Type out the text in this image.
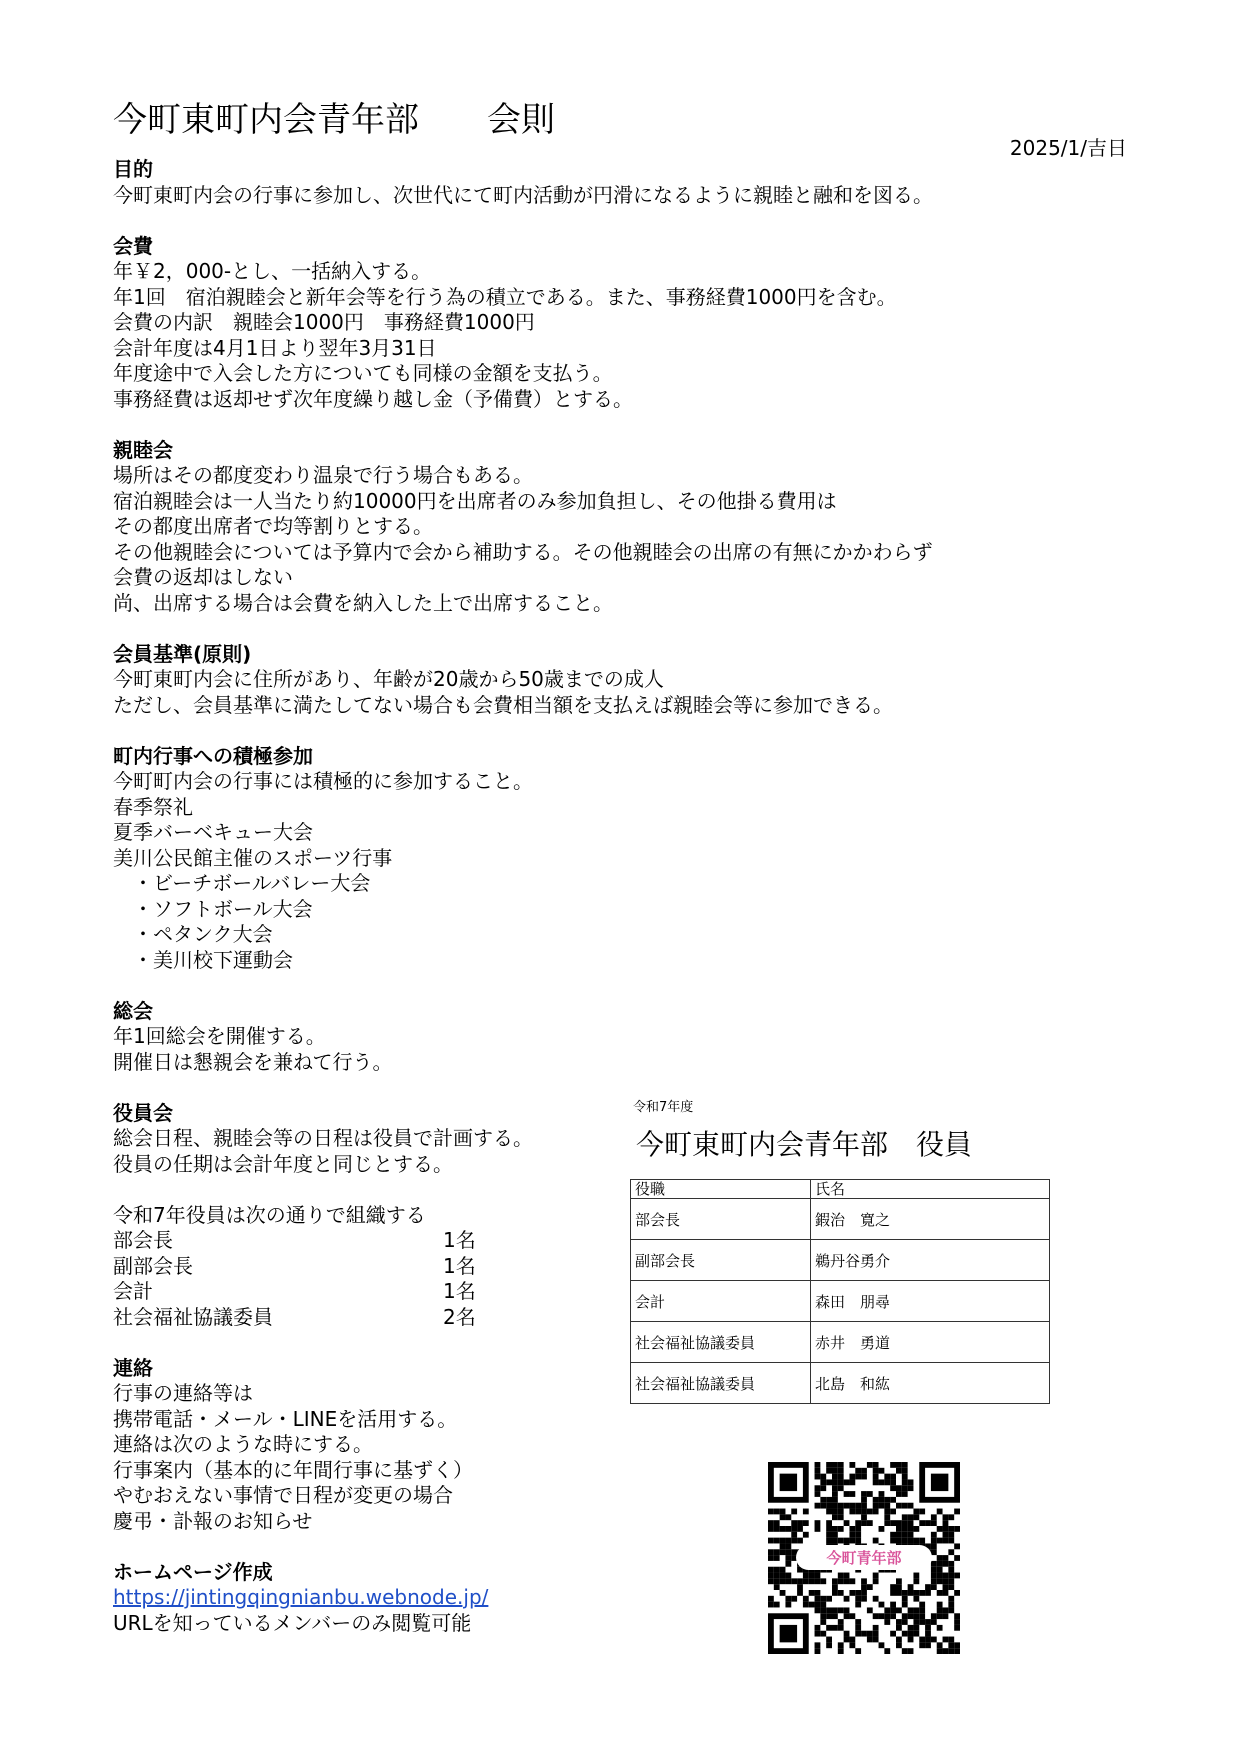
今町東町内会青年部　　会則
2025/1/吉日
目的
今町東町内会の行事に参加し、次世代にて町内活動が円滑になるように親睦と融和を図る。
会費
年￥2，000-とし、一括納入する。
年1回　宿泊親睦会と新年会等を行う為の積立である。また、事務経費1000円を含む。
会費の内訳　親睦会1000円　事務経費1000円
会計年度は4月1日より翌年3月31日
年度途中で入会した方についても同様の金額を支払う。
事務経費は返却せず次年度繰り越し金（予備費）とする。
親睦会
場所はその都度変わり温泉で行う場合もある。
宿泊親睦会は一人当たり約10000円を出席者のみ参加負担し、その他掛る費用は
その都度出席者で均等割りとする。
その他親睦会については予算内で会から補助する。その他親睦会の出席の有無にかかわらず
会費の返却はしない
尚、出席する場合は会費を納入した上で出席すること。
会員基準(原則)
今町東町内会に住所があり、年齢が20歳から50歳までの成人
ただし、会員基準に満たしてない場合も会費相当額を支払えば親睦会等に参加できる。
町内行事への積極参加
今町町内会の行事には積極的に参加すること。
春季祭礼
夏季バーベキュー大会
美川公民館主催のスポーツ行事
　・ビーチボールバレー大会
　・ソフトボール大会
　・ペタンク大会
　・美川校下運動会
総会
年1回総会を開催する。
開催日は懇親会を兼ねて行う。
役員会
総会日程、親睦会等の日程は役員で計画する。
役員の任期は会計年度と同じとする。

令和7年役員は次の通りで組織する
部会長	1名
副部会長	1名
会計	1名
社会福祉協議委員	2名
連絡
行事の連絡等は
携帯電話・メール・LINEを活用する。
連絡は次のような時にする。
行事案内（基本的に年間行事に基ずく）
やむおえない事情で日程が変更の場合
慶弔・訃報のお知らせ
ホームページ作成
https://jintingqingnianbu.webnode.jp/
URLを知っているメンバーのみ閲覧可能
令和7年度
今町東町内会青年部　役員
役職	氏名
部会長	鍜治　寛之
副部会長	鵜丹谷勇介
会計	森田　朋尋
社会福祉協議委員	赤井　勇道
社会福祉協議委員	北島　和紘
今町青年部
